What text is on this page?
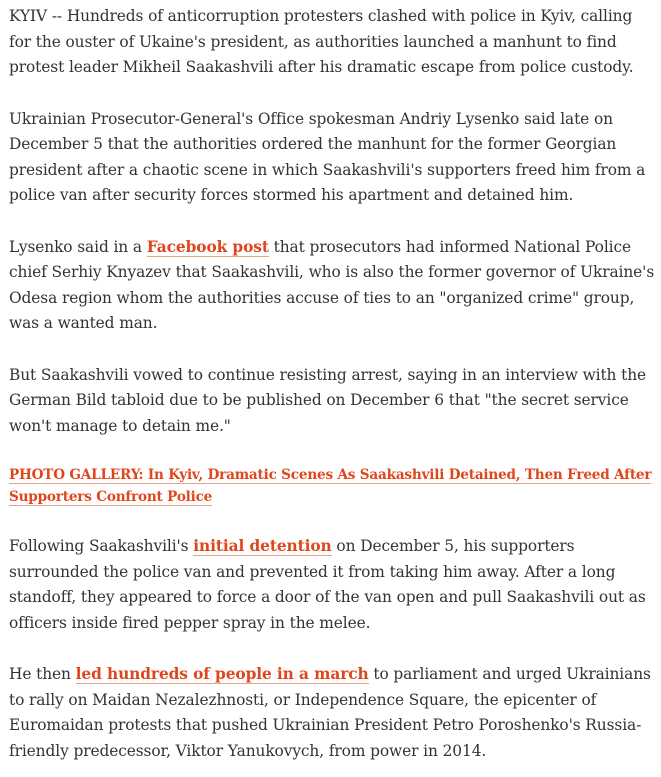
KYIV -- Hundreds of anticorruption protesters clashed with police in Kyiv, calling for the ouster of Ukaine's president, as authorities launched a manhunt to find protest leader Mikheil Saakashvili after his dramatic escape from police custody.

Ukrainian Prosecutor-General's Office spokesman Andriy Lysenko said late on December 5 that the authorities ordered the manhunt for the former Georgian president after a chaotic scene in which Saakashvili's supporters freed him from a police van after security forces stormed his apartment and detained him.

Lysenko said in a Facebook post that prosecutors had informed National Police chief Serhiy Knyazev that Saakashvili, who is also the former governor of Ukraine's Odesa region whom the authorities accuse of ties to an "organized crime" group, was a wanted man.

But Saakashvili vowed to continue resisting arrest, saying in an interview with the German Bild tabloid due to be published on December 6 that "the secret service won't manage to detain me."

PHOTO GALLERY: In Kyiv, Dramatic Scenes As Saakashvili Detained, Then Freed After Supporters Confront Police

Following Saakashvili's initial detention on December 5, his supporters surrounded the police van and prevented it from taking him away. After a long standoff, they appeared to force a door of the van open and pull Saakashvili out as officers inside fired pepper spray in the melee.

He then led hundreds of people in a march to parliament and urged Ukrainians to rally on Maidan Nezalezhnosti, or Independence Square, the epicenter of Euromaidan protests that pushed Ukrainian President Petro Poroshenko's Russia-friendly predecessor, Viktor Yanukovych, from power in 2014.
